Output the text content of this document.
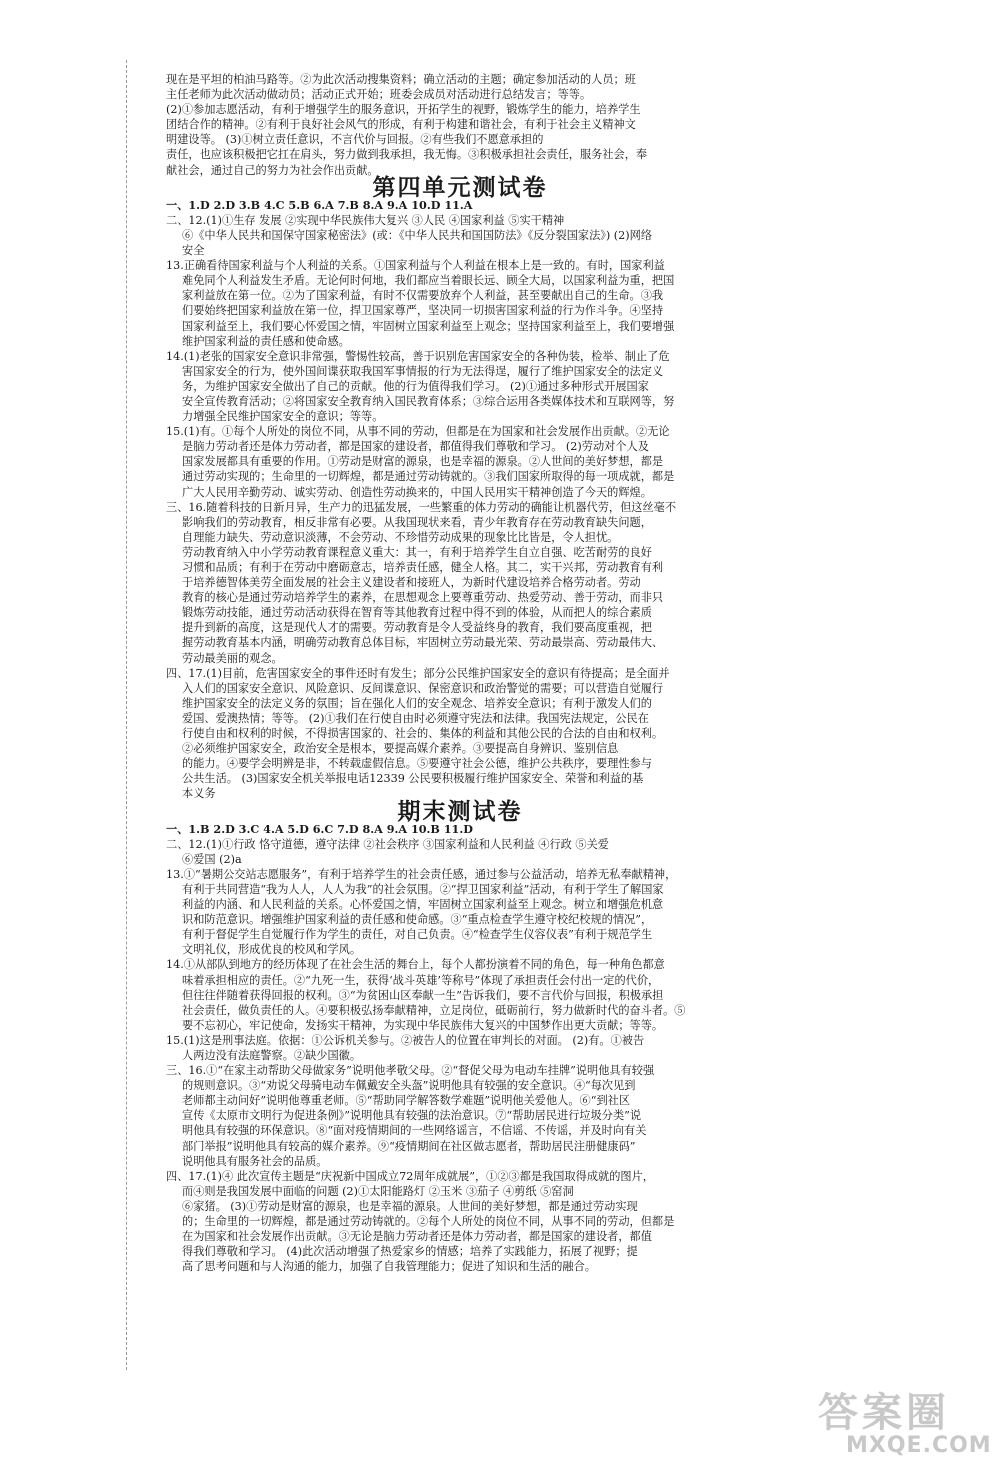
现在是平坦的柏油马路等。②为此次活动搜集资料；确立活动的主题；确定参加活动的人员；班

主任老师为此次活动做动员；活动正式开始；班委会成员对活动进行总结发言；等等。

(2)①参加志愿活动，有利于增强学生的服务意识，开拓学生的视野，锻炼学生的能力，培养学生

团结合作的精神。②有利于良好社会风气的形成，有利于构建和谐社会，有利于社会主义精神文

明建设等。 (3)①树立责任意识，不言代价与回报。②有些我们不愿意承担的

责任，也应该积极把它扛在肩头，努力做到我承担，我无悔。③积极承担社会责任，服务社会，奉

献社会，通过自己的努力为社会作出贡献。

第四单元测试卷

一、1.D 2.D 3.B 4.C 5.B 6.A 7.B 8.A 9.A 10.D 11.A

二、12.(1)①生存 发展 ②实现中华民族伟大复兴 ③人民 ④国家利益 ⑤实干精神

⑥《中华人民共和国保守国家秘密法》(或：《中华人民共和国国防法》《反分裂国家法》) (2)网络

安全

13.正确看待国家利益与个人利益的关系。①国家利益与个人利益在根本上是一致的。有时，国家利益

难免同个人利益发生矛盾。无论何时何地，我们都应当着眼长远、顾全大局，以国家利益为重，把国

家利益放在第一位。②为了国家利益，有时不仅需要放弃个人利益，甚至要献出自己的生命。③我

们要始终把国家利益放在第一位，捍卫国家尊严，坚决同一切损害国家利益的行为作斗争。④坚持

国家利益至上，我们要心怀爱国之情，牢固树立国家利益至上观念；坚持国家利益至上，我们要增强

维护国家利益的责任感和使命感。

14.(1)老张的国家安全意识非常强，警惕性较高，善于识别危害国家安全的各种伪装，检举、制止了危

害国家安全的行为，使外国间谍获取我国军事情报的行为无法得逞，履行了维护国家安全的法定义

务，为维护国家安全做出了自己的贡献。他的行为值得我们学习。 (2)①通过多种形式开展国家

安全宣传教育活动；②将国家安全教育纳入国民教育体系；③综合运用各类媒体技术和互联网等，努

力增强全民维护国家安全的意识；等等。

15.(1)有。①每个人所处的岗位不同，从事不同的劳动，但都是在为国家和社会发展作出贡献。②无论

是脑力劳动者还是体力劳动者，都是国家的建设者，都值得我们尊敬和学习。 (2)劳动对个人及

国家发展都具有重要的作用。①劳动是财富的源泉，也是幸福的源泉。②人世间的美好梦想，都是

通过劳动实现的；生命里的一切辉煌，都是通过劳动铸就的。③我们国家所取得的每一项成就，都是

广大人民用辛勤劳动、诚实劳动、创造性劳动换来的，中国人民用实干精神创造了今天的辉煌。

三、16.随着科技的日新月异，生产力的迅猛发展，一些繁重的体力劳动的确能让机器代劳，但这丝毫不

影响我们的劳动教育，相反非常有必要。从我国现状来看，青少年教育存在劳动教育缺失问题，

自理能力缺失、劳动意识淡薄，不会劳动、不珍惜劳动成果的现象比比皆是，令人担忧。

劳动教育纳入中小学劳动教育课程意义重大：其一，有利于培养学生自立自强、吃苦耐劳的良好

习惯和品质；有利于在劳动中磨砺意志，培养责任感，健全人格。其二，实干兴邦，劳动教育有利

于培养德智体美劳全面发展的社会主义建设者和接班人，为新时代建设培养合格劳动者。劳动

教育的核心是通过劳动培养学生的素养，在思想观念上要尊重劳动、热爱劳动、善于劳动，而非只

锻炼劳动技能，通过劳动活动获得在智育等其他教育过程中得不到的体验，从而把人的综合素质

提升到新的高度，这是现代人才的需要。劳动教育是令人受益终身的教育，我们要高度重视，把

握劳动教育基本内涵，明确劳动教育总体目标，牢固树立劳动最光荣、劳动最崇高、劳动最伟大、

劳动最美丽的观念。

四、17.(1)目前，危害国家安全的事件还时有发生；部分公民维护国家安全的意识有待提高；是全面并

入人们的国家安全意识、风险意识、反间谍意识、保密意识和政治警觉的需要；可以营造自觉履行

维护国家安全的法定义务的氛围；旨在强化人们的安全观念、培养安全意识；有利于激发人们的

爱国、爱澳热情；等等。 (2)①我们在行使自由时必须遵守宪法和法律。我国宪法规定，公民在

行使自由和权利的时候，不得损害国家的、社会的、集体的利益和其他公民的合法的自由和权利。

②必须维护国家安全，政治安全是根本，要提高媒介素养。③要提高自身辨识、鉴别信息

的能力。④要学会明辨是非，不转载虚假信息。⑤要遵守社会公德，维护公共秩序，要理性参与

公共生活。 (3)国家安全机关举报电话12339 公民要积极履行维护国家安全、荣誉和利益的基

本义务

期末测试卷

一、1.B 2.D 3.C 4.A 5.D 6.C 7.D 8.A 9.A 10.B 11.D

二、12.(1)①行政 恪守道德，遵守法律 ②社会秩序 ③国家利益和人民利益 ④行政 ⑤关爱

⑥爱国 (2)a

13.①“暑期公交站志愿服务”，有利于培养学生的社会责任感，通过参与公益活动，培养无私奉献精神，

有利于共同营造“我为人人，人人为我”的社会氛围。②“捍卫国家利益”活动，有利于学生了解国家

利益的内涵、和人民利益的关系。心怀爱国之情，牢固树立国家利益至上观念。树立和增强危机意

识和防范意识。增强维护国家利益的责任感和使命感。③“重点检查学生遵守校纪校规的情况”，

有利于督促学生自觉履行作为学生的责任，对自己负责。④“检查学生仪容仪表”有利于规范学生

文明礼仪，形成优良的校风和学风。

14.①从部队到地方的经历体现了在社会生活的舞台上，每个人都扮演着不同的角色，每一种角色都意

味着承担相应的责任。②“九死一生，获得‘战斗英雄’等称号”体现了承担责任会付出一定的代价，

但往往伴随着获得回报的权利。③“为贫困山区奉献一生”告诉我们，要不言代价与回报，积极承担

社会责任，做负责任的人。④要积极弘扬奉献精神，立足岗位，砥砺前行，努力做新时代的奋斗者。⑤

要不忘初心，牢记使命，发扬实干精神，为实现中华民族伟大复兴的中国梦作出更大贡献；等等。

15.(1)这是刑事法庭。依据：①公诉机关参与。②被告人的位置在审判长的对面。 (2)有。①被告

人两边没有法庭警察。②缺少国徽。

三、16.①“在家主动帮助父母做家务”说明他孝敬父母。②“督促父母为电动车挂牌”说明他具有较强

的规则意识。③“劝说父母骑电动车佩戴安全头盔”说明他具有较强的安全意识。④“每次见到

老师都主动问好”说明他尊重老师。⑤“帮助同学解答数学难题”说明他关爱他人。⑥“到社区

宣传《太原市文明行为促进条例》”说明他具有较强的法治意识。⑦“帮助居民进行垃圾分类”说

明他具有较强的环保意识。⑧“面对疫情期间的一些网络谣言，不信谣、不传谣，并及时向有关

部门举报”说明他具有较高的媒介素养。⑨“疫情期间在社区做志愿者，帮助居民注册健康码”

说明他具有服务社会的品质。

四、17.(1)④ 此次宣传主题是“庆祝新中国成立72周年成就展”，①②③都是我国取得成就的图片，

而④则是我国发展中面临的问题 (2)①太阳能路灯 ②玉米 ③茄子 ④剪纸 ⑤窑洞

⑥家猪。 (3)①劳动是财富的源泉，也是幸福的源泉。人世间的美好梦想，都是通过劳动实现

的；生命里的一切辉煌，都是通过劳动铸就的。②每个人所处的岗位不同，从事不同的劳动，但都是

在为国家和社会发展作出贡献。③无论是脑力劳动者还是体力劳动者，都是国家的建设者，都值

得我们尊敬和学习。 (4)此次活动增强了热爱家乡的情感；培养了实践能力，拓展了视野；提

高了思考问题和与人沟通的能力，加强了自我管理能力；促进了知识和生活的融合。

答案圈
MXQE.COM
